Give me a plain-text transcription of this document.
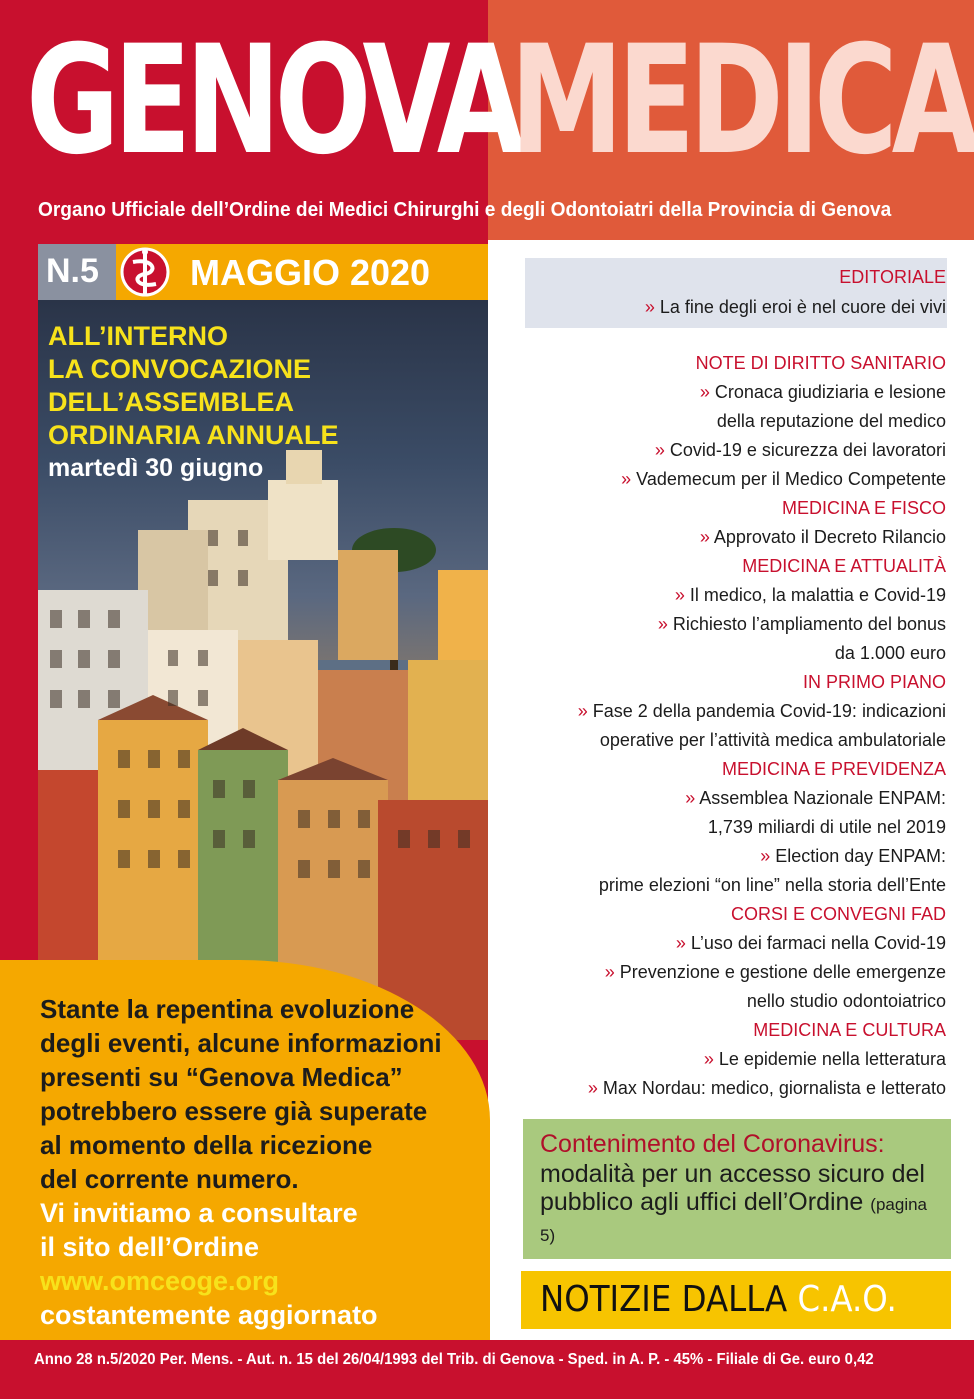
GENOVA
MEDICA
Organo Ufficiale dell’Ordine dei Medici Chirurghi e degli Odontoiatri della Provincia di Genova
N.5	MAGGIO 2020
ALL’INTERNO
LA CONVOCAZIONE
DELL’ASSEMBLEA
ORDINARIA ANNUALE
martedì 30 giugno
Stante la repentina evoluzione
degli eventi, alcune informazioni
presenti su “Genova Medica”
potrebbero essere già superate
al momento della ricezione
del corrente numero.
Vi invitiamo a consultare
il sito dell’Ordine
www.omceoge.org
costantemente aggiornato
EDITORIALE
» La fine degli eroi è nel cuore dei vivi
NOTE DI DIRITTO SANITARIO
» Cronaca giudiziaria e lesione
della reputazione del medico
» Covid-19 e sicurezza dei lavoratori
» Vademecum per il Medico Competente
MEDICINA E FISCO
» Approvato il Decreto Rilancio
MEDICINA E ATTUALITÀ
» Il medico, la malattia e Covid-19
» Richiesto l’ampliamento del bonus
da 1.000 euro
IN PRIMO PIANO
» Fase 2 della pandemia Covid-19: indicazioni
operative per l’attività medica ambulatoriale
MEDICINA E PREVIDENZA
» Assemblea Nazionale ENPAM:
1,739 miliardi di utile nel 2019
» Election day ENPAM:
prime elezioni “on line” nella storia dell’Ente
CORSI E CONVEGNI FAD
» L’uso dei farmaci nella Covid-19
» Prevenzione e gestione delle emergenze
nello studio odontoiatrico
MEDICINA E CULTURA
» Le epidemie nella letteratura
» Max Nordau: medico, giornalista e letterato
Contenimento del Coronavirus:
modalità per un accesso sicuro del pubblico agli uffici dell’Ordine (pagina 5)
NOTIZIE DALLA C.A.O.
Anno 28 n.5/2020 Per. Mens. - Aut. n. 15 del 26/04/1993 del Trib. di Genova - Sped. in A. P. - 45% - Filiale di Ge. euro 0,42
